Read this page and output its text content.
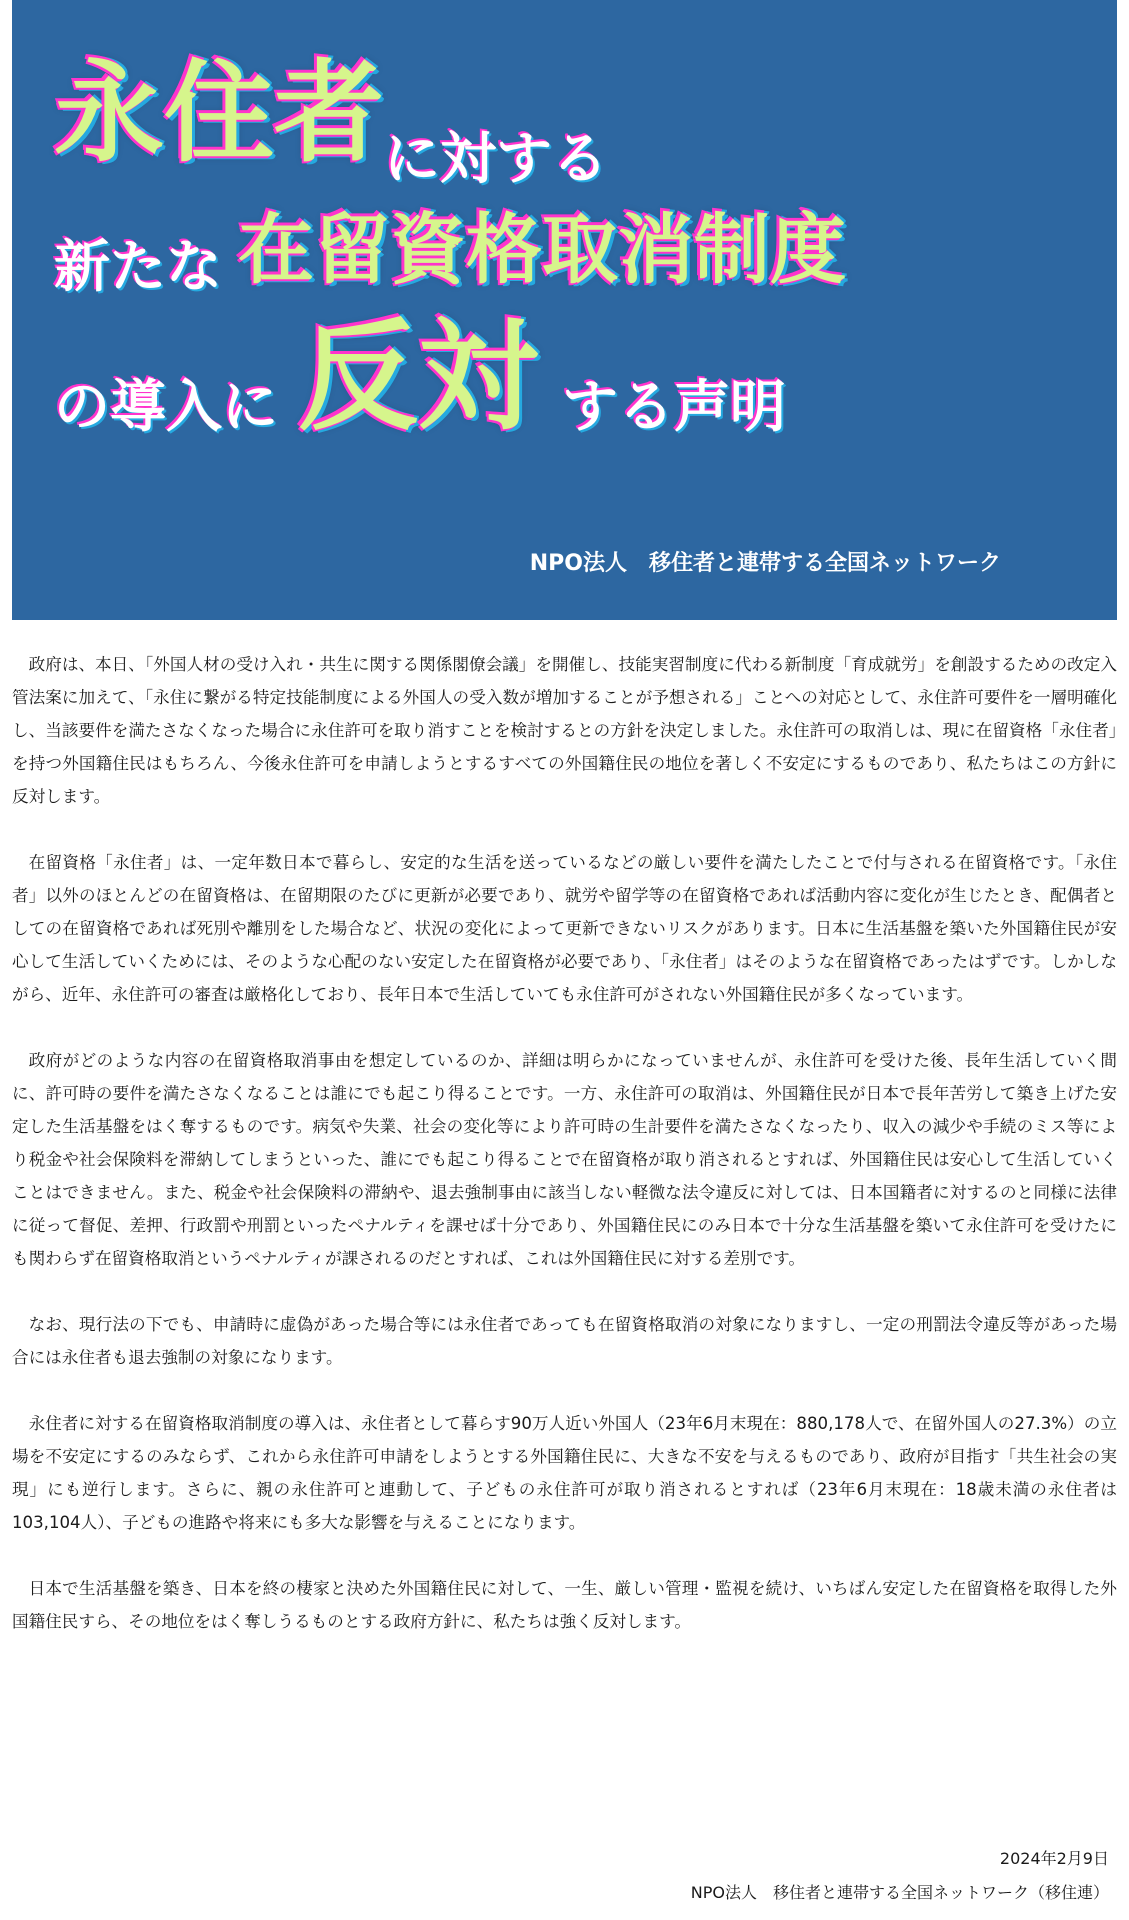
永住者 に対する
新たな 在留資格取消制度
の導入に 反対 する声明
NPO法人　移住者と連帯する全国ネットワーク

政府は、本日、「外国人材の受け入れ・共生に関する関係閣僚会議」を開催し、技能実習制度に代わる新制度「育成就労」を創設するための改定入管法案に加えて、「永住に繋がる特定技能制度による外国人の受入数が増加することが予想される」ことへの対応として、永住許可要件を一層明確化し、当該要件を満たさなくなった場合に永住許可を取り消すことを検討するとの方針を決定しました。永住許可の取消しは、現に在留資格「永住者」を持つ外国籍住民はもちろん、今後永住許可を申請しようとするすべての外国籍住民の地位を著しく不安定にするものであり、私たちはこの方針に反対します。

在留資格「永住者」は、一定年数日本で暮らし、安定的な生活を送っているなどの厳しい要件を満たしたことで付与される在留資格です。「永住者」以外のほとんどの在留資格は、在留期限のたびに更新が必要であり、就労や留学等の在留資格であれば活動内容に変化が生じたとき、配偶者としての在留資格であれば死別や離別をした場合など、状況の変化によって更新できないリスクがあります。日本に生活基盤を築いた外国籍住民が安心して生活していくためには、そのような心配のない安定した在留資格が必要であり、「永住者」はそのような在留資格であったはずです。しかしながら、近年、永住許可の審査は厳格化しており、長年日本で生活していても永住許可がされない外国籍住民が多くなっています。

政府がどのような内容の在留資格取消事由を想定しているのか、詳細は明らかになっていませんが、永住許可を受けた後、長年生活していく間に、許可時の要件を満たさなくなることは誰にでも起こり得ることです。一方、永住許可の取消は、外国籍住民が日本で長年苦労して築き上げた安定した生活基盤をはく奪するものです。病気や失業、社会の変化等により許可時の生計要件を満たさなくなったり、収入の減少や手続のミス等により税金や社会保険料を滞納してしまうといった、誰にでも起こり得ることで在留資格が取り消されるとすれば、外国籍住民は安心して生活していくことはできません。また、税金や社会保険料の滞納や、退去強制事由に該当しない軽微な法令違反に対しては、日本国籍者に対するのと同様に法律に従って督促、差押、行政罰や刑罰といったペナルティを課せば十分であり、外国籍住民にのみ日本で十分な生活基盤を築いて永住許可を受けたにも関わらず在留資格取消というペナルティが課されるのだとすれば、これは外国籍住民に対する差別です。

なお、現行法の下でも、申請時に虚偽があった場合等には永住者であっても在留資格取消の対象になりますし、一定の刑罰法令違反等があった場合には永住者も退去強制の対象になります。

永住者に対する在留資格取消制度の導入は、永住者として暮らす90万人近い外国人（23年6月末現在：880,178人で、在留外国人の27.3%）の立場を不安定にするのみならず、これから永住許可申請をしようとする外国籍住民に、大きな不安を与えるものであり、政府が目指す「共生社会の実現」にも逆行します。さらに、親の永住許可と連動して、子どもの永住許可が取り消されるとすれば（23年6月末現在：18歳未満の永住者は103,104人）、子どもの進路や将来にも多大な影響を与えることになります。

日本で生活基盤を築き、日本を終の棲家と決めた外国籍住民に対して、一生、厳しい管理・監視を続け、いちばん安定した在留資格を取得した外国籍住民すら、その地位をはく奪しうるものとする政府方針に、私たちは強く反対します。

2024年2月9日
NPO法人　移住者と連帯する全国ネットワーク（移住連）
